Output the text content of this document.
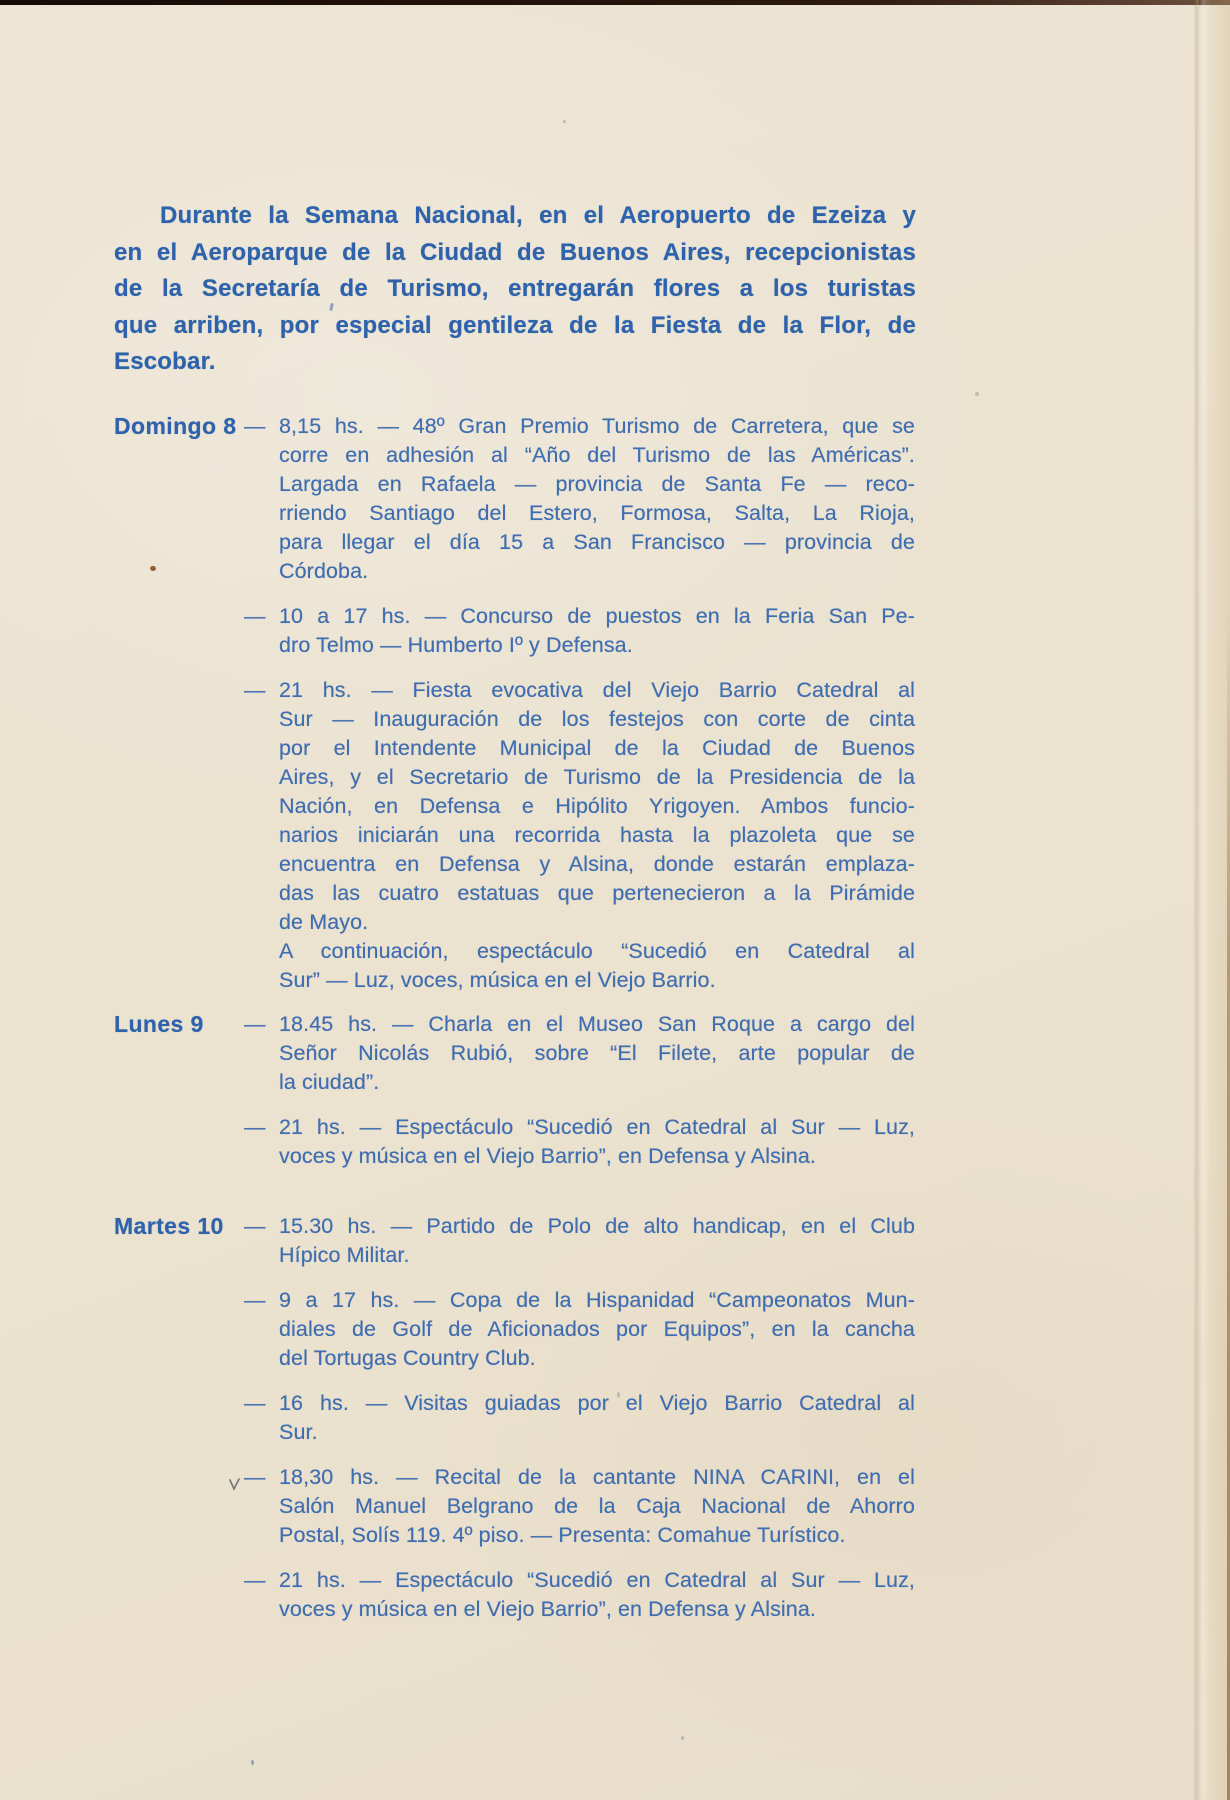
Durante la Semana Nacional, en el Aeropuerto de Ezeiza y
en el Aeroparque de la Ciudad de Buenos Aires, recepcionistas
de la Secretaría de Turismo, entregarán flores a los turistas
que arriben, por especial gentileza de la Fiesta de la Flor, de
Escobar.
Domingo 8 — 8,15 hs. — 48º Gran Premio Turismo de Carretera, que se
corre en adhesión al “Año del Turismo de las Américas”.
Largada en Rafaela — provincia de Santa Fe — reco-
rriendo Santiago del Estero, Formosa, Salta, La Rioja,
para llegar el día 15 a San Francisco — provincia de
Córdoba.
— 10 a 17 hs. — Concurso de puestos en la Feria San Pe-
dro Telmo — Humberto Iº y Defensa.
— 21 hs. — Fiesta evocativa del Viejo Barrio Catedral al
Sur — Inauguración de los festejos con corte de cinta
por el Intendente Municipal de la Ciudad de Buenos
Aires, y el Secretario de Turismo de la Presidencia de la
Nación, en Defensa e Hipólito Yrigoyen. Ambos funcio-
narios iniciarán una recorrida hasta la plazoleta que se
encuentra en Defensa y Alsina, donde estarán emplaza-
das las cuatro estatuas que pertenecieron a la Pirámide
de Mayo.
A continuación, espectáculo “Sucedió en Catedral al
Sur” — Luz, voces, música en el Viejo Barrio.
Lunes 9 — 18.45 hs. — Charla en el Museo San Roque a cargo del
Señor Nicolás Rubió, sobre “El Filete, arte popular de
la ciudad”.
— 21 hs. — Espectáculo “Sucedió en Catedral al Sur — Luz,
voces y música en el Viejo Barrio”, en Defensa y Alsina.
Martes 10 — 15.30 hs. — Partido de Polo de alto handicap, en el Club
Hípico Militar.
— 9 a 17 hs. — Copa de la Hispanidad “Campeonatos Mun-
diales de Golf de Aficionados por Equipos”, en la cancha
del Tortugas Country Club.
— 16 hs. — Visitas guiadas por el Viejo Barrio Catedral al
Sur.
— 18,30 hs. — Recital de la cantante NINA CARINI, en el
Salón Manuel Belgrano de la Caja Nacional de Ahorro
Postal, Solís 119. 4º piso. — Presenta: Comahue Turístico.
— 21 hs. — Espectáculo “Sucedió en Catedral al Sur — Luz,
voces y música en el Viejo Barrio”, en Defensa y Alsina.
